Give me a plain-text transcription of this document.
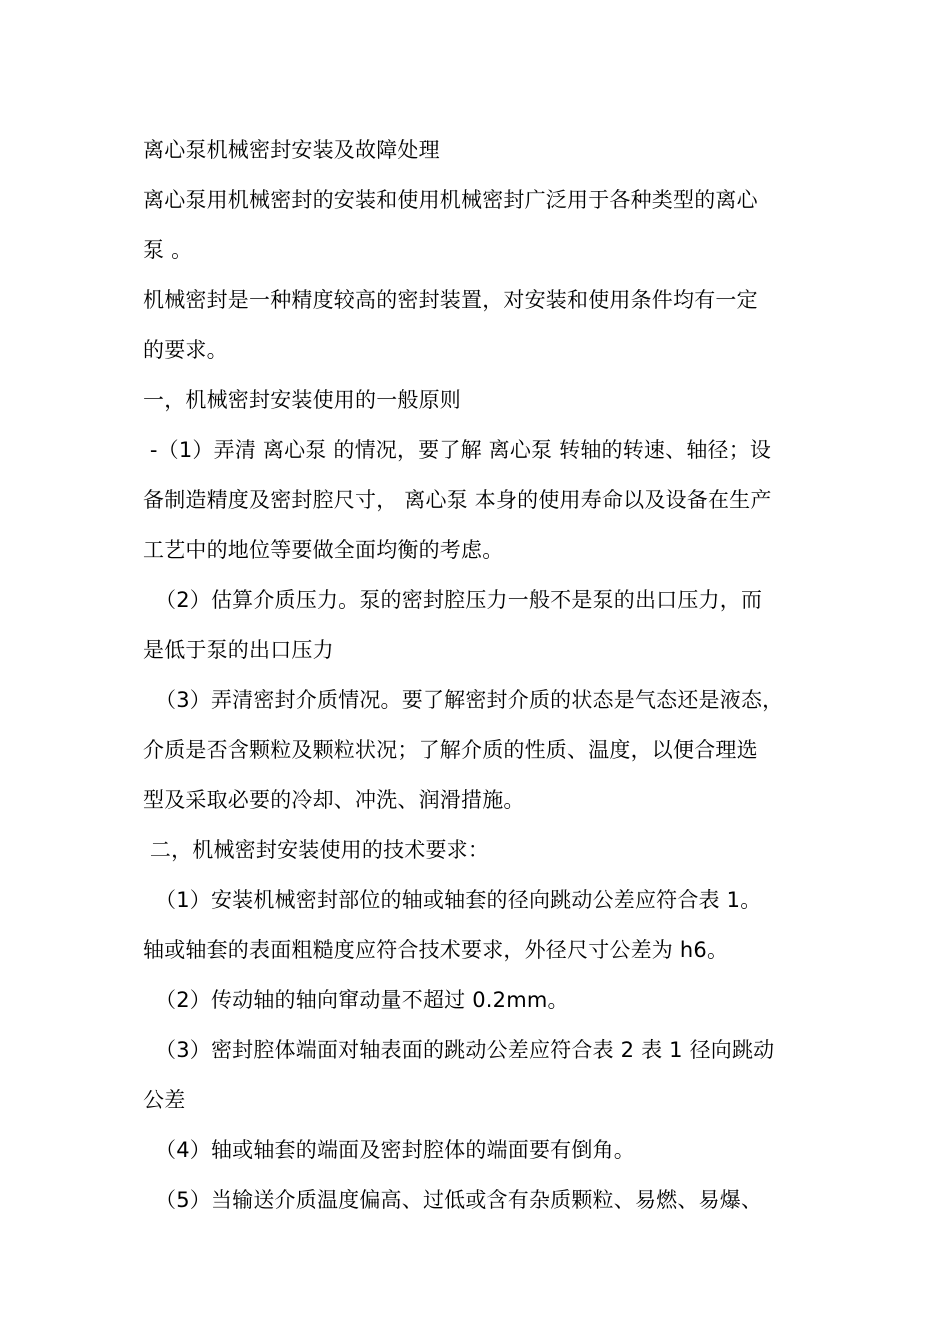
离心泵机械密封安装及故障处理
离心泵用机械密封的安装和使用机械密封广泛用于各种类型的离心
泵 。
机械密封是一种精度较高的密封装置，对安装和使用条件均有一定
的要求。
一，机械密封安装使用的一般原则
-（1）弄清 离心泵 的情况，要了解 离心泵 转轴的转速、轴径；设
备制造精度及密封腔尺寸， 离心泵 本身的使用寿命以及设备在生产
工艺中的地位等要做全面均衡的考虑。
（2）估算介质压力。泵的密封腔压力一般不是泵的出口压力，而
是低于泵的出口压力
（3）弄清密封介质情况。要了解密封介质的状态是气态还是液态，
介质是否含颗粒及颗粒状况；了解介质的性质、温度，以便合理选
型及采取必要的冷却、冲洗、润滑措施。
二，机械密封安装使用的技术要求：
（1）安装机械密封部位的轴或轴套的径向跳动公差应符合表 1。
轴或轴套的表面粗糙度应符合技术要求，外径尺寸公差为 h6。
（2）传动轴的轴向窜动量不超过 0.2mm。
（3）密封腔体端面对轴表面的跳动公差应符合表 2 表 1 径向跳动
公差
（4）轴或轴套的端面及密封腔体的端面要有倒角。
（5）当输送介质温度偏高、过低或含有杂质颗粒、易燃、易爆、
